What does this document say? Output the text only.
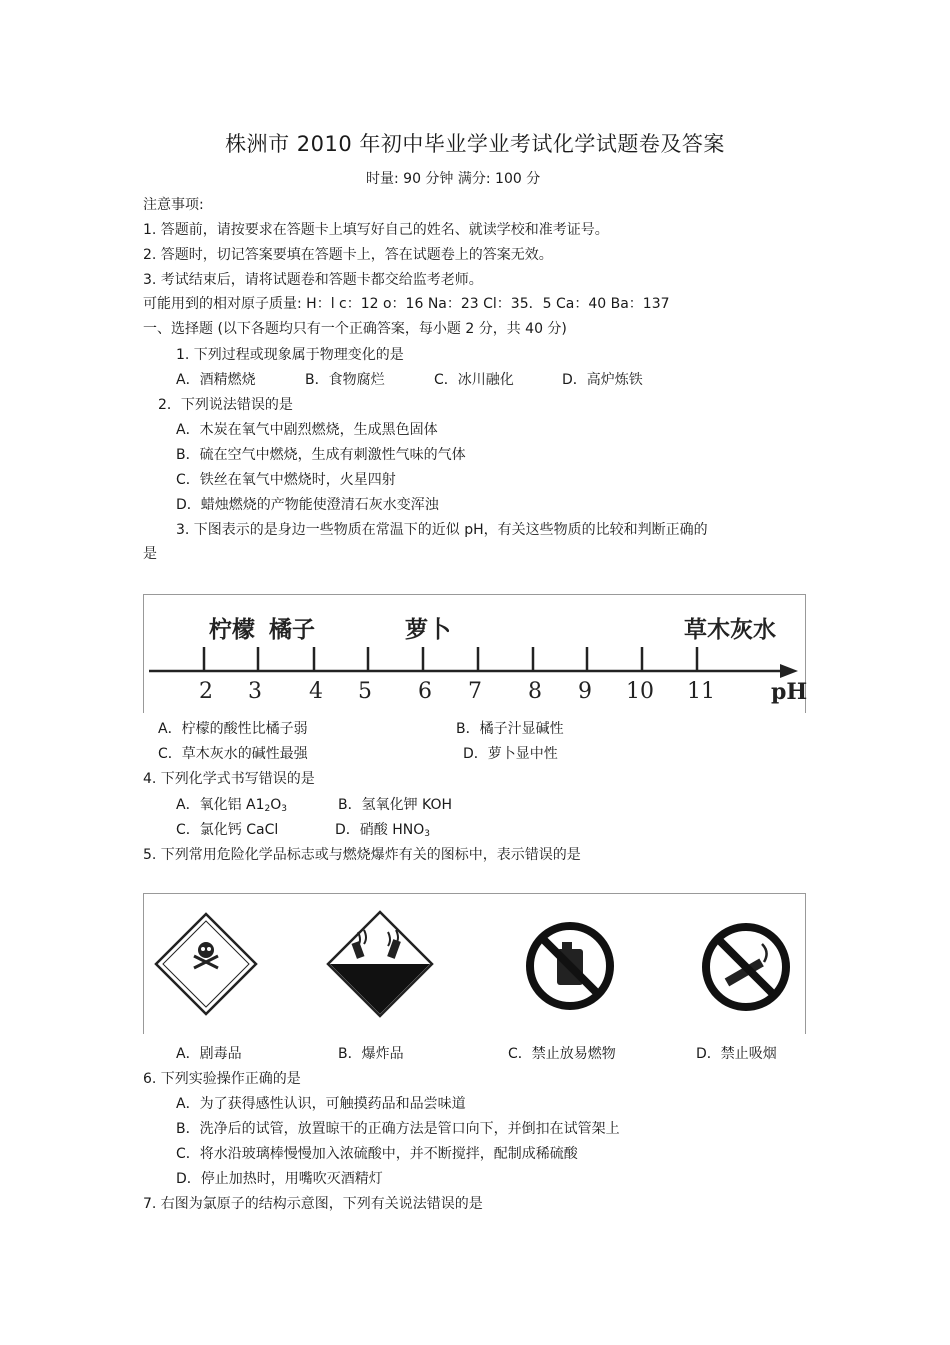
株洲市 2010 年初中毕业学业考试化学试题卷及答案
时量: 90 分钟 满分: 100 分
注意事项:
1. 答题前，请按要求在答题卡上填写好自己的姓名、就读学校和准考证号。
2. 答题时，切记答案要填在答题卡上，答在试题卷上的答案无效。
3. 考试结束后，请将试题卷和答题卡都交给监考老师。
可能用到的相对原子质量: H：l c：12 o：16 Na：23 Cl：35．5 Ca：40 Ba：137
一、选择题 (以下各题均只有一个正确答案，每小题 2 分，共 40 分)
1. 下列过程或现象属于物理变化的是
A．酒精燃烧	B．食物腐烂	C．冰川融化	D．高炉炼铁
2．下列说法错误的是
A．木炭在氧气中剧烈燃烧，生成黑色固体
B．硫在空气中燃烧，生成有刺激性气味的气体
C．铁丝在氧气中燃烧时，火星四射
D．蜡烛燃烧的产物能使澄清石灰水变浑浊
3. 下图表示的是身边一些物质在常温下的近似 pH，有关这些物质的比较和判断正确的
是
柠檬 橘子	萝卜	草木灰水
2 3 4 5 6 7 8 9 10 11	pH
A．柠檬的酸性比橘子弱	B．橘子汁显碱性
C．草木灰水的碱性最强	D．萝卜显中性
4. 下列化学式书写错误的是
A．氧化铝 $A1_2O_3$	B．氢氧化钾 KOH
C．氯化钙 CaCl	D．硝酸 $HNO_3$
5. 下列常用危险化学品标志或与燃烧爆炸有关的图标中，表示错误的是
A．剧毒品	B．爆炸品	C．禁止放易燃物	D．禁止吸烟
6. 下列实验操作正确的是
A．为了获得感性认识，可触摸药品和品尝味道
B．洗净后的试管，放置晾干的正确方法是管口向下，并倒扣在试管架上
C．将水沿玻璃棒慢慢加入浓硫酸中，并不断搅拌，配制成稀硫酸
D．停止加热时，用嘴吹灭酒精灯
7. 右图为氯原子的结构示意图，下列有关说法错误的是
